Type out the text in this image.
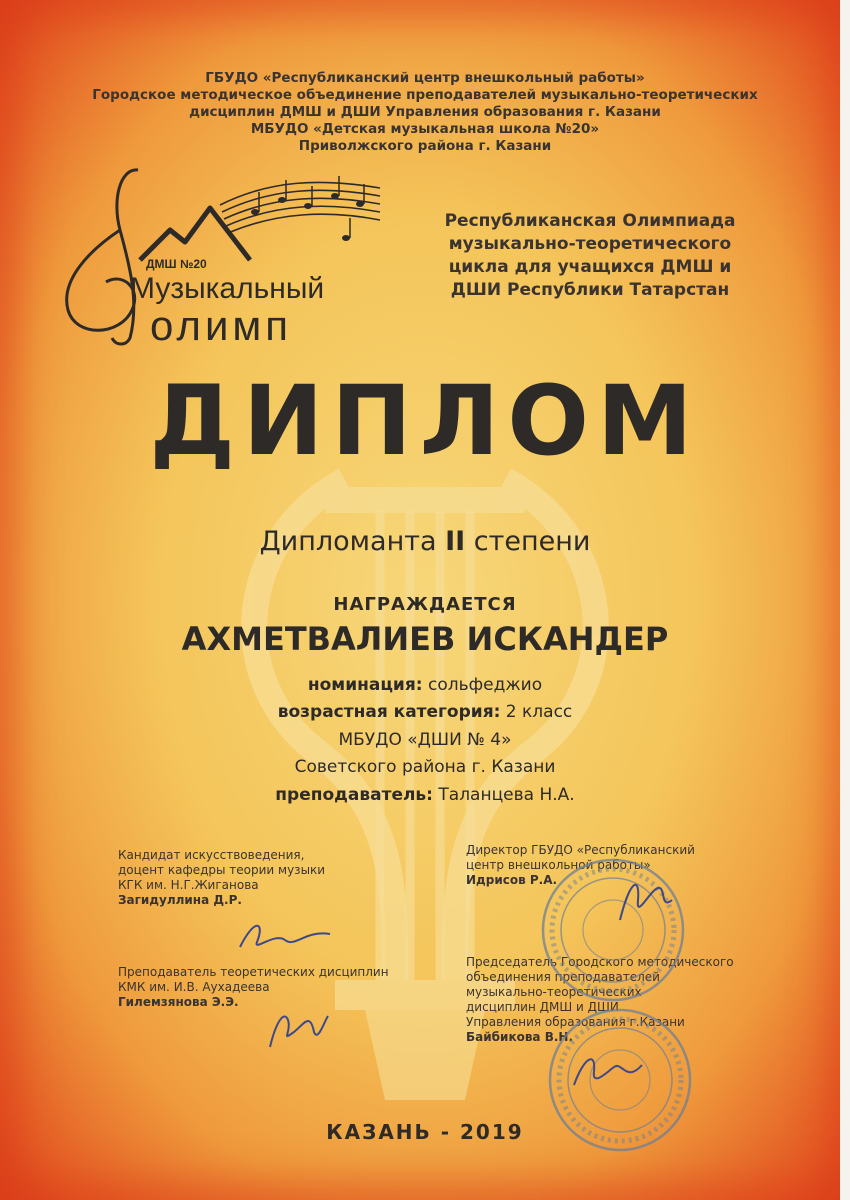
ГБУДО «Республиканский центр внешкольный работы»
Городское методическое объединение преподавателей музыкально-теоретических
дисциплин ДМШ и ДШИ Управления образования г. Казани
МБУДО «Детская музыкальная школа №20»
Приволжского района г. Казани
ДМШ №20
Музыкальный
олимп
Республиканская Олимпиада
музыкально-теоретического
цикла для учащихся ДМШ и
ДШИ Республики Татарстан
ДИПЛОМ
Дипломанта II степени
НАГРАЖДАЕТСЯ
АХМЕТВАЛИЕВ ИСКАНДЕР
номинация: сольфеджио
возрастная категория: 2 класс
МБУДО «ДШИ № 4»
Советского района г. Казани
преподаватель: Таланцева Н.А.
Кандидат искусствоведения,
доцент кафедры теории музыки
КГК им. Н.Г.Жиганова
Загидуллина Д.Р.
Преподаватель теоретических дисциплин
КМК им. И.В. Аухадеева
Гилемзянова Э.Э.
Директор ГБУДО «Республиканский
центр внешкольной работы»
Идрисов Р.А.
Председатель Городского методического
объединения преподавателей
музыкально-теоретических
дисциплин ДМШ и ДШИ
Управления образования г.Казани
Байбикова В.Н.
КАЗАНЬ - 2019
